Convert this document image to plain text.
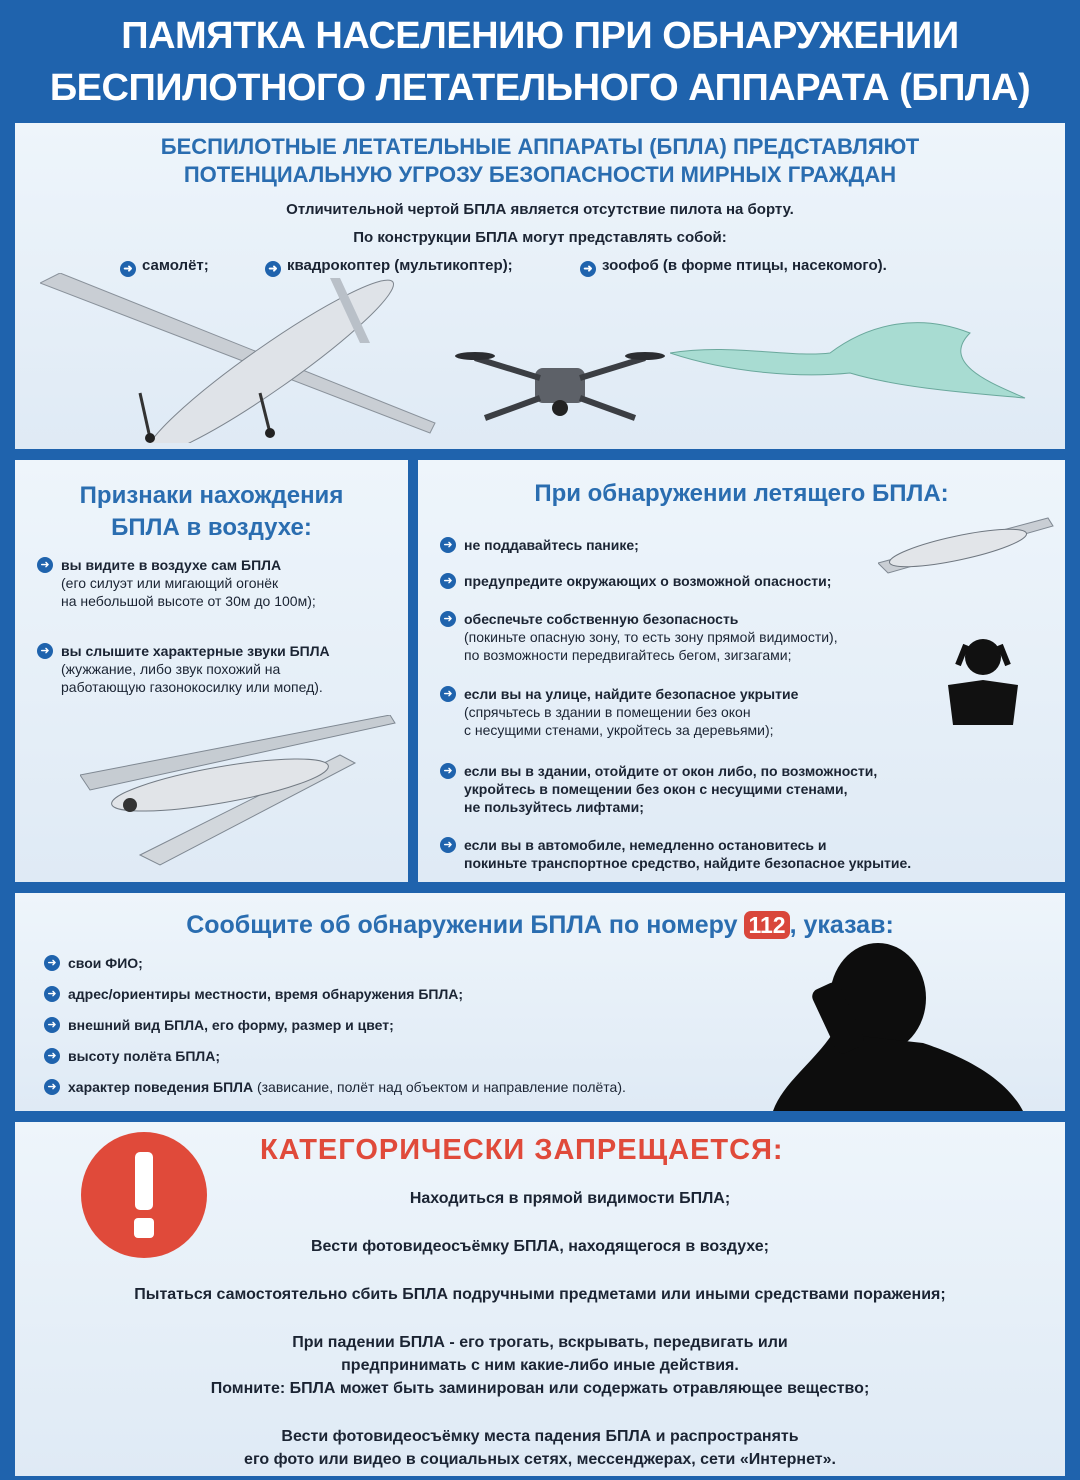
ПАМЯТКА НАСЕЛЕНИЮ ПРИ ОБНАРУЖЕНИИ
БЕСПИЛОТНОГО ЛЕТАТЕЛЬНОГО АППАРАТА (БПЛА)
БЕСПИЛОТНЫЕ ЛЕТАТЕЛЬНЫЕ АППАРАТЫ (БПЛА) ПРЕДСТАВЛЯЮТ
ПОТЕНЦИАЛЬНУЮ УГРОЗУ БЕЗОПАСНОСТИ МИРНЫХ ГРАЖДАН
Отличительной чертой БПЛА является отсутствие пилота на борту.
По конструкции БПЛА могут представлять собой:
➜ самолёт;	➜ квадрокоптер (мультикоптер);	➜ зоофоб (в форме птицы, насекомого).
Признаки нахождения
БПЛА в воздухе:
➜ вы видите в воздухе сам БПЛА
(его силуэт или мигающий огонёк
на небольшой высоте от 30м до 100м);
➜ вы слышите характерные звуки БПЛА
(жужжание, либо звук похожий на
работающую газонокосилку или мопед).
При обнаружении летящего БПЛА:
➜ не поддавайтесь панике;
➜ предупредите окружающих о возможной опасности;
➜ обеспечьте собственную безопасность
(покиньте опасную зону, то есть зону прямой видимости),
по возможности передвигайтесь бегом, зигзагами;
➜ если вы на улице, найдите безопасное укрытие
(спрячьтесь в здании в помещении без окон
с несущими стенами, укройтесь за деревьями);
➜ если вы в здании, отойдите от окон либо, по возможности,
укройтесь в помещении без окон с несущими стенами,
не пользуйтесь лифтами;
➜ если вы в автомобиле, немедленно остановитесь и
покиньте транспортное средство, найдите безопасное укрытие.
Сообщите об обнаружении БПЛА по номеру 112 , указав:
➜ свои ФИО;
➜ адрес/ориентиры местности, время обнаружения БПЛА;
➜ внешний вид БПЛА, его форму, размер и цвет;
➜ высоту полёта БПЛА;
➜ характер поведения БПЛА (зависание, полёт над объектом и направление полёта).
КАТЕГОРИЧЕСКИ ЗАПРЕЩАЕТСЯ:
Находиться в прямой видимости БПЛА;
Вести фотовидеосъёмку БПЛА, находящегося в воздухе;
Пытаться самостоятельно сбить БПЛА подручными предметами или иными средствами поражения;
При падении БПЛА - его трогать, вскрывать, передвигать или
предпринимать с ним какие-либо иные действия.
Помните: БПЛА может быть заминирован или содержать отравляющее вещество;
Вести фотовидеосъёмку места падения БПЛА и распространять
его фото или видео в социальных сетях, мессенджерах, сети «Интернет».
